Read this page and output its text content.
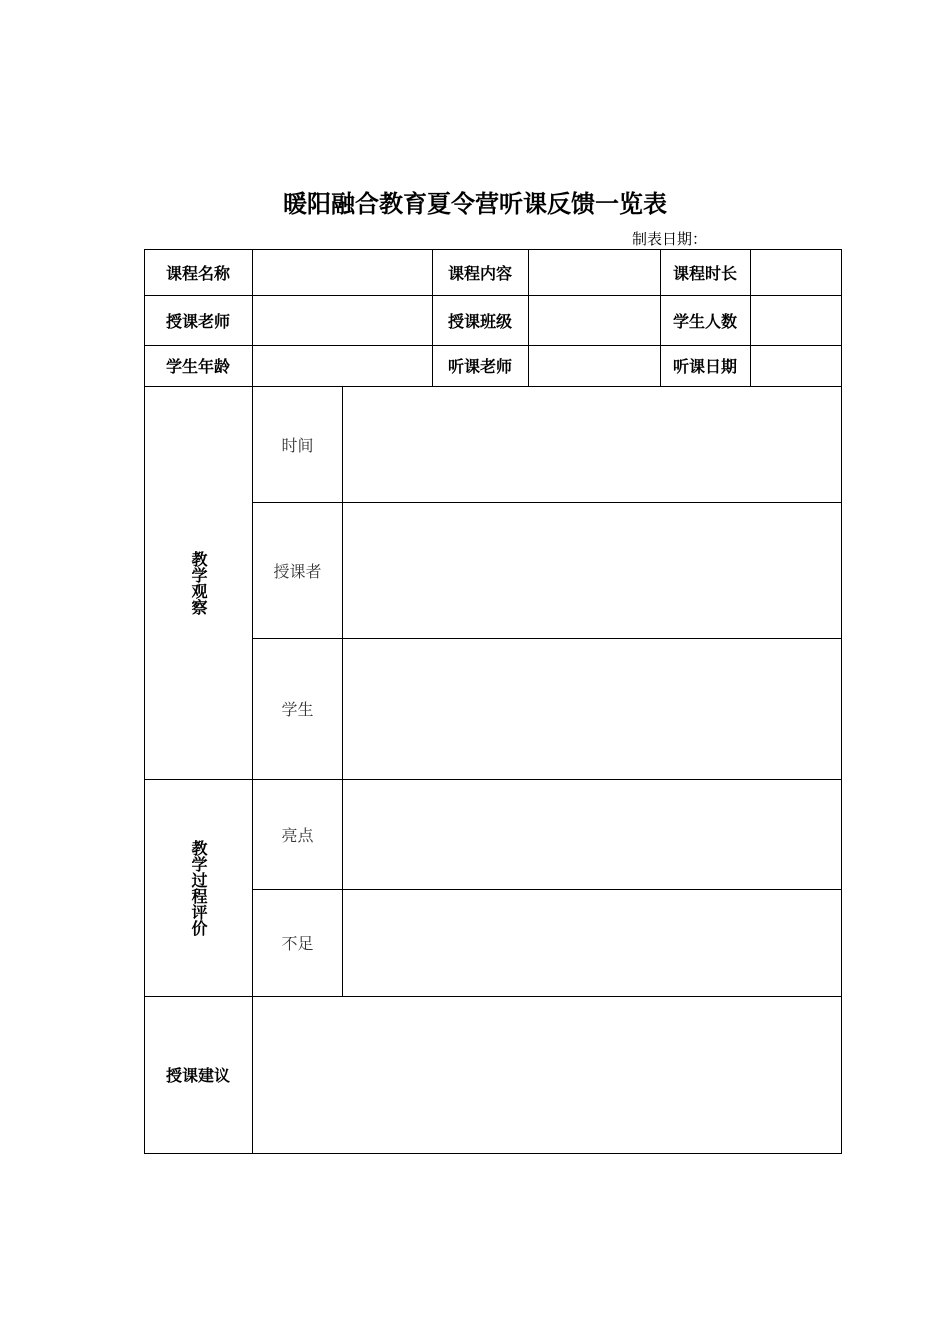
暖阳融合教育夏令营听课反馈一览表
制表日期：
课程名称	课程内容	课程时长
授课老师	授课班级	学生人数
学生年龄	听课老师	听课日期
教学观察
时间
授课者
学生
教学过程评价
亮点
不足
授课建议
